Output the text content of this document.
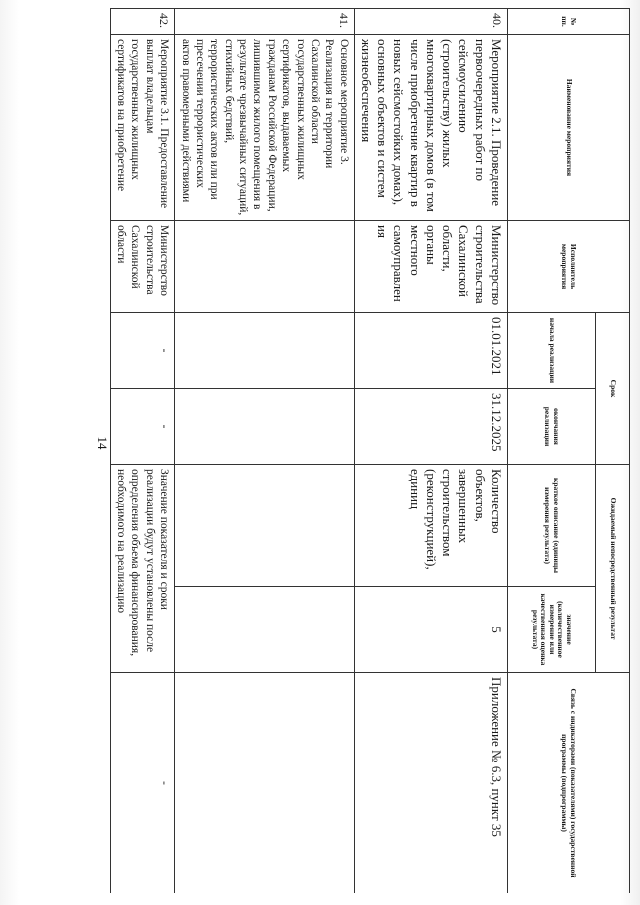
14
№ пп.	Наименование мероприятия	Исполнитель мероприятия	Срок		Ожидаемый непосредственный результат		Связь с индикаторами (показателями) государственной программы (подпрограммы)
			начала реализации	окончания реализации	краткое описание (единицы измерения результата)	значение (количественное измерение или качественная оценка результата)	
40.	Мероприятие 2.1. Проведение первоочередных работ по сейсмоусилению (строительству) жилых многоквартирных домов (в том числе приобретение квартир в новых сейсмостойких домах), основных объектов и систем жизнеобеспечения	Министерство строительства Сахалинской области, органы местного самоуправления	01.01.2021	31.12.2025	Количество объектов, завершенных строительством (реконструкцией), единиц	5	Приложение № 6.3, пункт 35
41.	Основное мероприятие 3. Реализация на территории Сахалинской области государственных жилищных сертификатов, выдаваемых гражданам Российской Федерации, лишившимся жилого помещения в результате чрезвычайных ситуаций, стихийных бедствий, террористических актов или при пресечении террористических актов правомерными действиями						
42.	Мероприятие 3.1. Предоставление выплат владельцам государственных жилищных сертификатов на приобретение	Министерство строительства Сахалинской области	-	-	Значение показателя и сроки реализации будут установлены после определения объема финансирования, необходимого на реализацию		-
